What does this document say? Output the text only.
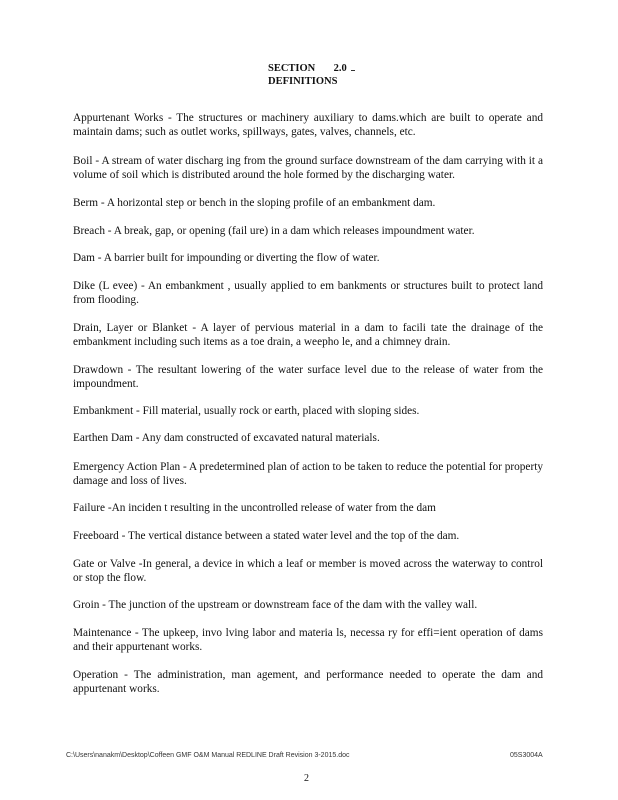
SECTION 2.0
DEFINITIONS

Appurtenant Works - The structures or machinery auxiliary to dams.which are built to operate and maintain dams; such as outlet works, spillways, gates, valves, channels, etc.

Boil - A stream of water discharg ing from the ground surface downstream of the dam carrying with it a volume of soil which is distributed around the hole formed by the discharging water.

Berm - A horizontal step or bench in the sloping profile of an embankment dam.

Breach - A break, gap, or opening (fail ure) in a dam which releases impoundment water.

Dam - A barrier built for impounding or diverting the flow of water.

Dike (L evee) - An embankment , usually applied to em bankments or structures built to protect land from flooding.

Drain, Layer or Blanket - A layer of pervious material in a dam to facili tate the drainage of the embankment including such items as a toe drain, a weepho le, and a chimney drain.

Drawdown - The resultant lowering of the water surface level due to the release of water from the impoundment.

Embankment - Fill material, usually rock or earth, placed with sloping sides.

Earthen Dam - Any dam constructed of excavated natural materials.

Emergency Action Plan - A predetermined plan of action to be taken to reduce the potential for property damage and loss of lives.

Failure -An inciden t resulting in the uncontrolled release of water from the dam

Freeboard - The vertical distance between a stated water level and the top of the dam.

Gate or Valve -In general, a device in which a leaf or member is moved across the waterway to control or stop the flow.

Groin - The junction of the upstream or downstream face of the dam with the valley wall.

Maintenance - The upkeep, invo lving labor and materia ls, necessa ry for effi=ient operation of dams and their appurtenant works.

Operation - The administration, man agement, and performance needed to operate the dam and appurtenant works.

C:\Users\nanakm\Desktop\Coffeen GMF O&M Manual REDLINE Draft Revision 3-2015.doc	05S3004A
2
